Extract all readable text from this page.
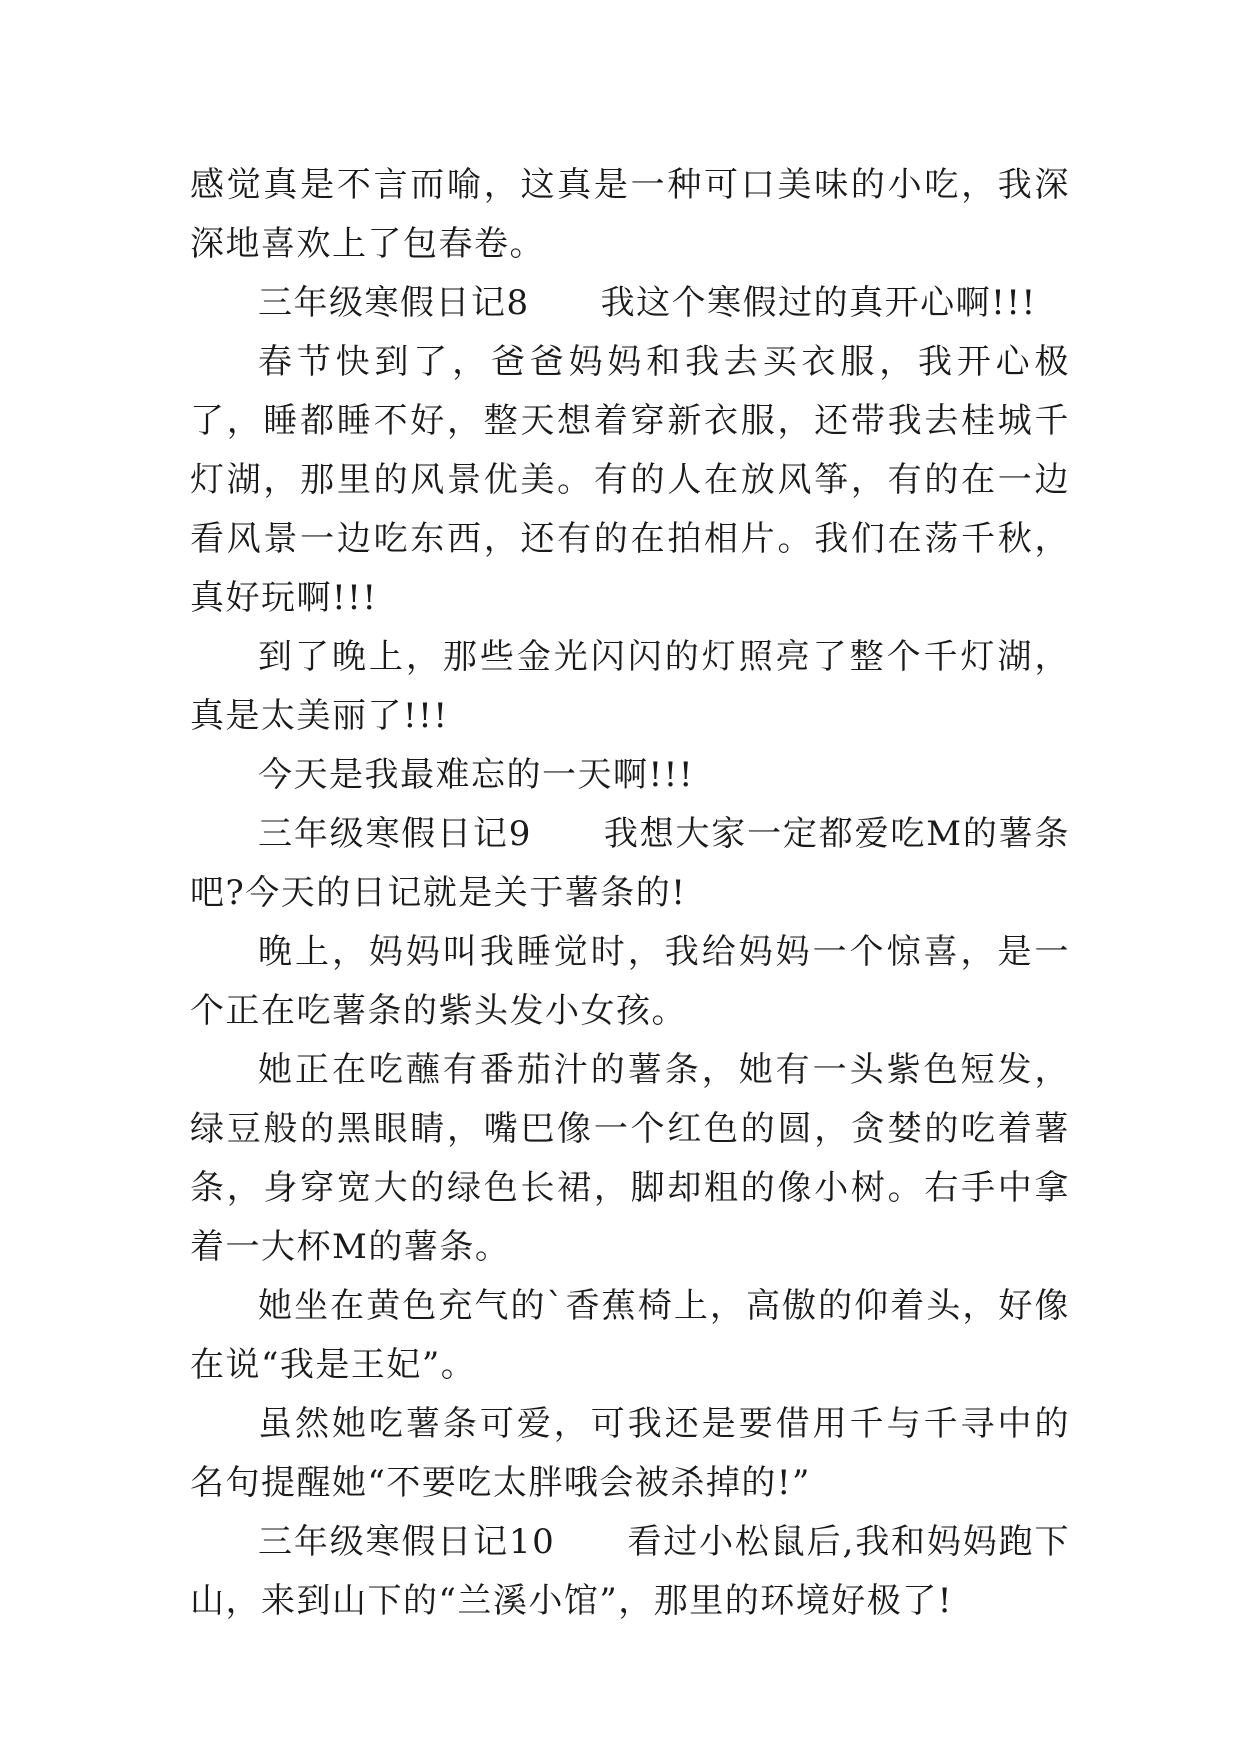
感觉真是不言而喻，这真是一种可口美味的小吃，我深深地喜欢上了包春卷。

三年级寒假日记8　　我这个寒假过的真开心啊!!!

春节快到了，爸爸妈妈和我去买衣服，我开心极了，睡都睡不好，整天想着穿新衣服，还带我去桂城千灯湖，那里的风景优美。有的人在放风筝，有的在一边看风景一边吃东西，还有的在拍相片。我们在荡千秋，真好玩啊!!!

到了晚上，那些金光闪闪的灯照亮了整个千灯湖，真是太美丽了!!!

今天是我最难忘的一天啊!!!

三年级寒假日记9　　我想大家一定都爱吃M的薯条吧?今天的日记就是关于薯条的!

晚上，妈妈叫我睡觉时，我给妈妈一个惊喜，是一个正在吃薯条的紫头发小女孩。

她正在吃蘸有番茄汁的薯条，她有一头紫色短发，绿豆般的黑眼睛，嘴巴像一个红色的圆，贪婪的吃着薯条，身穿宽大的绿色长裙，脚却粗的像小树。右手中拿着一大杯M的薯条。

她坐在黄色充气的`香蕉椅上，高傲的仰着头，好像在说“我是王妃”。

虽然她吃薯条可爱，可我还是要借用千与千寻中的名句提醒她“不要吃太胖哦会被杀掉的!”

三年级寒假日记10　　看过小松鼠后,我和妈妈跑下山，来到山下的“兰溪小馆”，那里的环境好极了!
